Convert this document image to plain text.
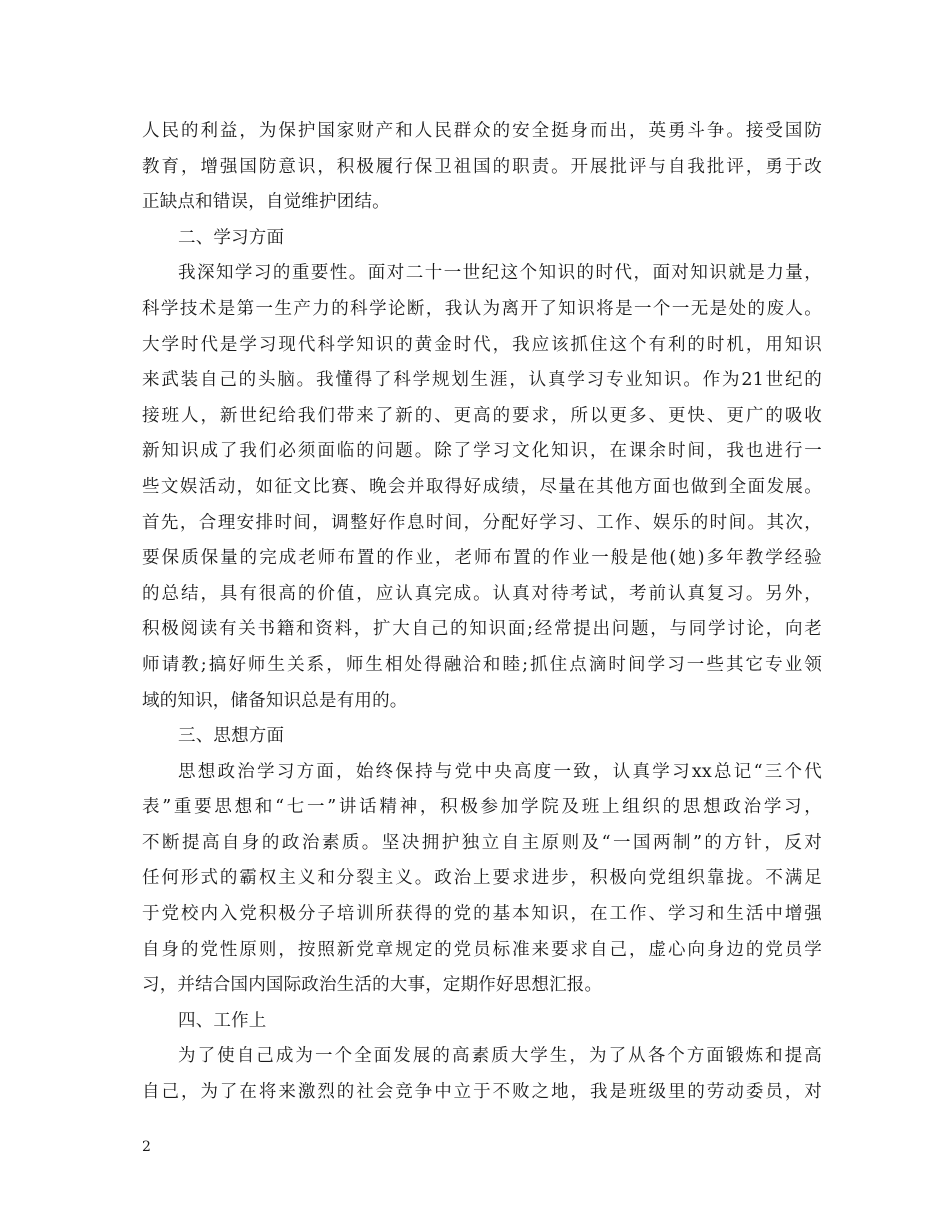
人民的利益，为保护国家财产和人民群众的安全挺身而出，英勇斗争。接受国防
教育，增强国防意识，积极履行保卫祖国的职责。开展批评与自我批评，勇于改
正缺点和错误，自觉维护团结。
二、学习方面
我深知学习的重要性。面对二十一世纪这个知识的时代，面对知识就是力量，
科学技术是第一生产力的科学论断，我认为离开了知识将是一个一无是处的废人。
大学时代是学习现代科学知识的黄金时代，我应该抓住这个有利的时机，用知识
来武装自己的头脑。我懂得了科学规划生涯，认真学习专业知识。作为21世纪的
接班人，新世纪给我们带来了新的、更高的要求，所以更多、更快、更广的吸收
新知识成了我们必须面临的问题。除了学习文化知识，在课余时间，我也进行一
些文娱活动，如征文比赛、晚会并取得好成绩，尽量在其他方面也做到全面发展。
首先，合理安排时间，调整好作息时间，分配好学习、工作、娱乐的时间。其次，
要保质保量的完成老师布置的作业，老师布置的作业一般是他(她)多年教学经验
的总结，具有很高的价值，应认真完成。认真对待考试，考前认真复习。另外，
积极阅读有关书籍和资料，扩大自己的知识面;经常提出问题，与同学讨论，向老
师请教;搞好师生关系，师生相处得融洽和睦;抓住点滴时间学习一些其它专业领
域的知识，储备知识总是有用的。
三、思想方面
思想政治学习方面，始终保持与党中央高度一致，认真学习xx总记“三个代
表”重要思想和“七一”讲话精神，积极参加学院及班上组织的思想政治学习，
不断提高自身的政治素质。坚决拥护独立自主原则及“一国两制”的方针，反对
任何形式的霸权主义和分裂主义。政治上要求进步，积极向党组织靠拢。不满足
于党校内入党积极分子培训所获得的党的基本知识，在工作、学习和生活中增强
自身的党性原则，按照新党章规定的党员标准来要求自己，虚心向身边的党员学
习，并结合国内国际政治生活的大事，定期作好思想汇报。
四、工作上
为了使自己成为一个全面发展的高素质大学生，为了从各个方面锻炼和提高
自己，为了在将来激烈的社会竞争中立于不败之地，我是班级里的劳动委员，对
2
